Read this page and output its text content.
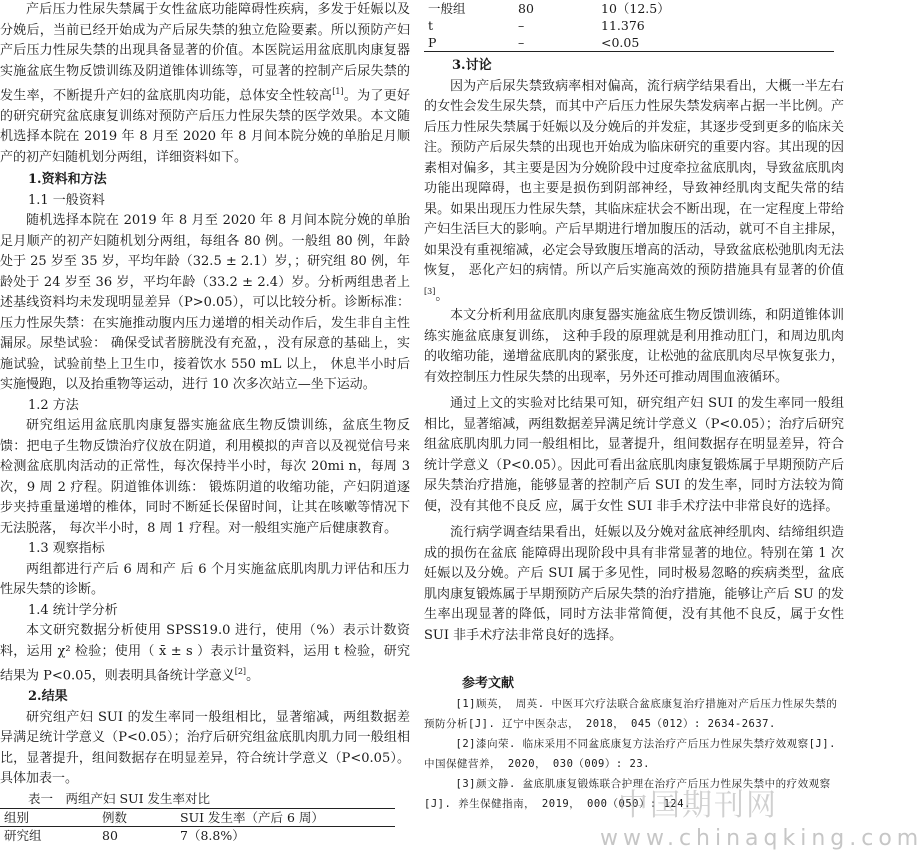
产后压力性尿失禁属于女性盆底功能障碍性疾病，多发于妊娠以及分娩后，当前已经开始成为产后尿失禁的独立危险要素。所以预防产妇产后压力性尿失禁的出现具备显著的价值。本医院运用盆底肌肉康复器实施盆底生物反馈训练及阴道锥体训练等，可显著的控制产后尿失禁的发生率，不断提升产妇的盆底肌肉功能，总体安全性较高[1]。为了更好的研究研究盆底康复训练对预防产后压力性尿失禁的医学效果。本文随机选择本院在 2019 年 8 月至 2020 年 8 月间本院分娩的单胎足月顺产的初产妇随机划分两组，详细资料如下。

1.资料和方法
1.1 一般资料

随机选择本院在 2019 年 8 月至 2020 年 8 月间本院分娩的单胎足月顺产的初产妇随机划分两组，每组各 80 例。一般组 80 例，年龄处于 25 岁至 35 岁，平均年龄（32.5 ± 2.1）岁，；研究组 80 例，年龄处于 24 岁至 36 岁，平均年龄（33.2 ± 2.4）岁。分析两组患者上述基线资料均未发现明显差异（P>0.05），可以比较分析。诊断标准：压力性尿失禁：在实施推动腹内压力递增的相关动作后，发生非自主性漏尿。尿垫试验： 确保受试者膀胱没有充盈，，没有尿意的基础上，实施试验，试验前垫上卫生巾，接着饮水 550 mL 以上， 休息半小时后实施慢跑，以及抬重物等运动，进行 10 次多次站立—坐下运动。

1.2 方法

研究组运用盆底肌肉康复器实施盆底生物反馈训练，盆底生物反馈：把电子生物反馈治疗仪放在阴道，利用模拟的声音以及视觉信号来检测盆底肌肉活动的正常性，每次保持半小时，每次 20mi n，每周 3 次，9 周 2 疗程。阴道锥体训练： 锻炼阴道的收缩功能，产妇阴道逐步夹持重量递增的椎体，同时不断延长保留时间，让其在咳嗽等情况下无法脱落， 每次半小时，8 周 1 疗程。对一般组实施产后健康教育。

1.3 观察指标

两组都进行产后 6 周和产 后 6 个月实施盆底肌肉肌力评估和压力性尿失禁的诊断。

1.4 统计学分析

本文研究数据分析使用 SPSS19.0 进行，使用（%）表示计数资料，运用 χ² 检验；使用（ x̄ ± s ）表示计量资料，运用 t 检验，研究结果为 P<0.05，则表明具备统计学意义[2]。

2.结果

研究组产妇 SUI 的发生率同一般组相比，显著缩减，两组数据差异满足统计学意义（P<0.05）；治疗后研究组盆底肌肉肌力同一般组相比，显著提升，组间数据存在明显差异，符合统计学意义（P<0.05）。具体加表一。

表一　两组产妇 SUI 发生率对比
组别	例数	SUI 发生率（产后 6 周）
研究组	80	7（8.8%）
一般组	80	10（12.5）
t	–	11.376
P	–	<0.05
3.讨论

因为产后尿失禁致病率相对偏高，流行病学结果看出，大概一半左右的女性会发生尿失禁，而其中产后压力性尿失禁发病率占据一半比例。产后压力性尿失禁属于妊娠以及分娩后的并发症，其逐步受到更多的临床关注。预防产后尿失禁的出现也开始成为临床研究的重要内容。其出现的因素相对偏多，其主要是因为分娩阶段中过度牵拉盆底肌肉，导致盆底肌肉功能出现障碍，也主要是损伤到阴部神经，导致神经肌肉支配失常的结果。如果出现压力性尿失禁，其临床症状会不断出现，在一定程度上带给产妇生活巨大的影响。产后早期进行增加腹压的活动，就可不自主排尿，如果没有重视缩减，必定会导致腹压增高的活动，导致盆底松弛肌肉无法恢复， 恶化产妇的病情。所以产后实施高效的预防措施具有显著的价值[3]。

本文分析利用盆底肌肉康复器实施盆底生物反馈训练，和阴道锥体训练实施盆底康复训练， 这种手段的原理就是利用推动肛门，和周边肌肉的收缩功能，递增盆底肌肉的紧张度，让松弛的盆底肌肉尽早恢复张力，有效控制压力性尿失禁的出现率，另外还可推动周围血液循环。

通过上文的实验对比结果可知，研究组产妇 SUI 的发生率同一般组相比，显著缩减，两组数据差异满足统计学意义（P<0.05）；治疗后研究组盆底肌肉肌力同一般组相比，显著提升，组间数据存在明显差异，符合统计学意义（P<0.05）。因此可看出盆底肌肉康复锻炼属于早期预防产后 尿失禁治疗措施，能够显著的控制产后 SUI 的发生率，同时方法较为简便，没有其他不良反 应，属于女性 SUI 非手术疗法中非常良好的选择。

流行病学调查结果看出，妊娠以及分娩对盆底神经肌肉、结缔组织造成的损伤在盆底 能障碍出现阶段中具有非常显著的地位。特别在第 1 次妊娠以及分娩。产后 SUI 属于多见性，同时极易忽略的疾病类型，盆底肌肉康复锻炼属于早期预防产后尿失禁的治疗措施，能够让产后 SU 的发生率出现显著的降低，同时方法非常简便，没有其他不良反，属于女性 SUI 非手术疗法非常良好的选择。

参考文献

[1]顾英， 周英. 中医耳穴疗法联合盆底康复治疗措施对产后压力性尿失禁的预防分析[J]. 辽宁中医杂志， 2018， 045（012）: 2634-2637.

[2]漆向荣. 临床采用不同盆底康复方法治疗产后压力性尿失禁疗效观察[J]. 中国保健营养， 2020， 030（009）: 23.

[3]颜文静. 盆底肌康复锻炼联合护理在治疗产后压力性尿失禁中的疗效观察[J]. 养生保健指南， 2019， 000（050）: 124.

中国期刊网
www.chinaqking.com
